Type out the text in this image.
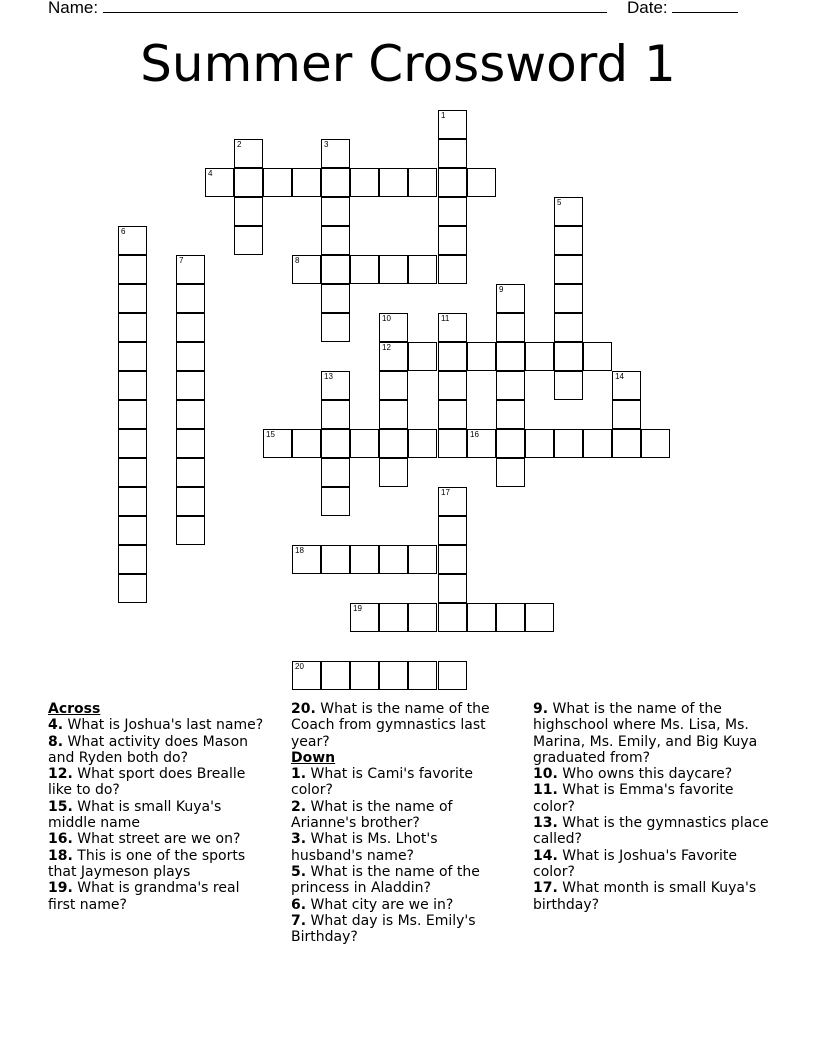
Name:	Date:
Summer Crossword 1
1
2	3
4
5
6
7	8
9
10	11
12
13	14
15	16
17
18
19
20
Across
4. What is Joshua's last name?
8. What activity does Mason and Ryden both do?
12. What sport does Brealle like to do?
15. What is small Kuya's middle name
16. What street are we on?
18. This is one of the sports that Jaymeson plays
19. What is grandma's real first name?
20. What is the name of the Coach from gymnastics last year?
Down
1. What is Cami's favorite color?
2. What is the name of Arianne's brother?
3. What is Ms. Lhot's husband's name?
5. What is the name of the princess in Aladdin?
6. What city are we in?
7. What day is Ms. Emily's Birthday?
9. What is the name of the highschool where Ms. Lisa, Ms. Marina, Ms. Emily, and Big Kuya graduated from?
10. Who owns this daycare?
11. What is Emma's favorite color?
13. What is the gymnastics place called?
14. What is Joshua's Favorite color?
17. What month is small Kuya's birthday?
